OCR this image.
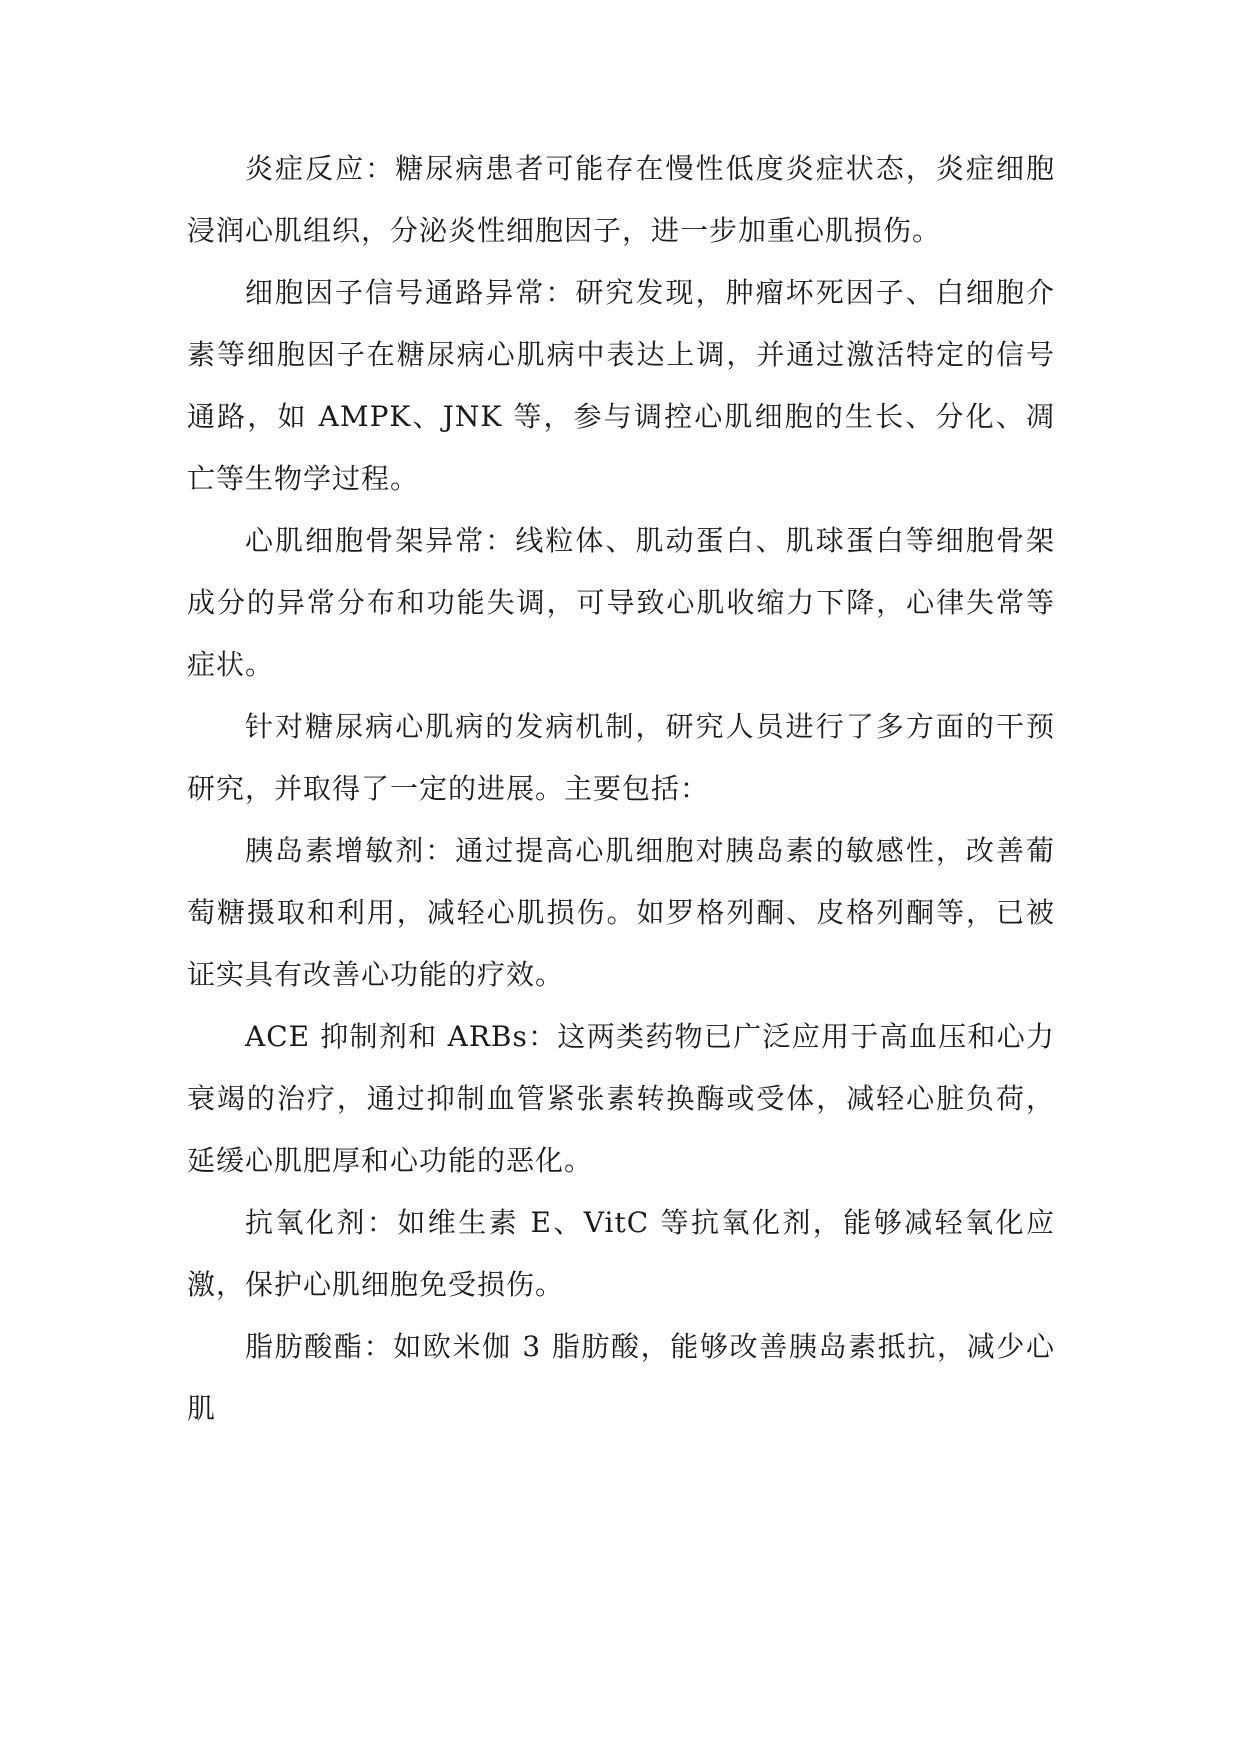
炎症反应：糖尿病患者可能存在慢性低度炎症状态，炎症细胞浸润心肌组织，分泌炎性细胞因子，进一步加重心肌损伤。

细胞因子信号通路异常：研究发现，肿瘤坏死因子、白细胞介素等细胞因子在糖尿病心肌病中表达上调，并通过激活特定的信号通路，如 AMPK、JNK 等，参与调控心肌细胞的生长、分化、凋亡等生物学过程。

心肌细胞骨架异常：线粒体、肌动蛋白、肌球蛋白等细胞骨架成分的异常分布和功能失调，可导致心肌收缩力下降，心律失常等症状。

针对糖尿病心肌病的发病机制，研究人员进行了多方面的干预研究，并取得了一定的进展。主要包括：

胰岛素增敏剂：通过提高心肌细胞对胰岛素的敏感性，改善葡萄糖摄取和利用，减轻心肌损伤。如罗格列酮、皮格列酮等，已被证实具有改善心功能的疗效。

ACE 抑制剂和 ARBs：这两类药物已广泛应用于高血压和心力衰竭的治疗，通过抑制血管紧张素转换酶或受体，减轻心脏负荷，延缓心肌肥厚和心功能的恶化。

抗氧化剂：如维生素 E、VitC 等抗氧化剂，能够减轻氧化应激，保护心肌细胞免受损伤。

脂肪酸酯：如欧米伽 3 脂肪酸，能够改善胰岛素抵抗，减少心肌
